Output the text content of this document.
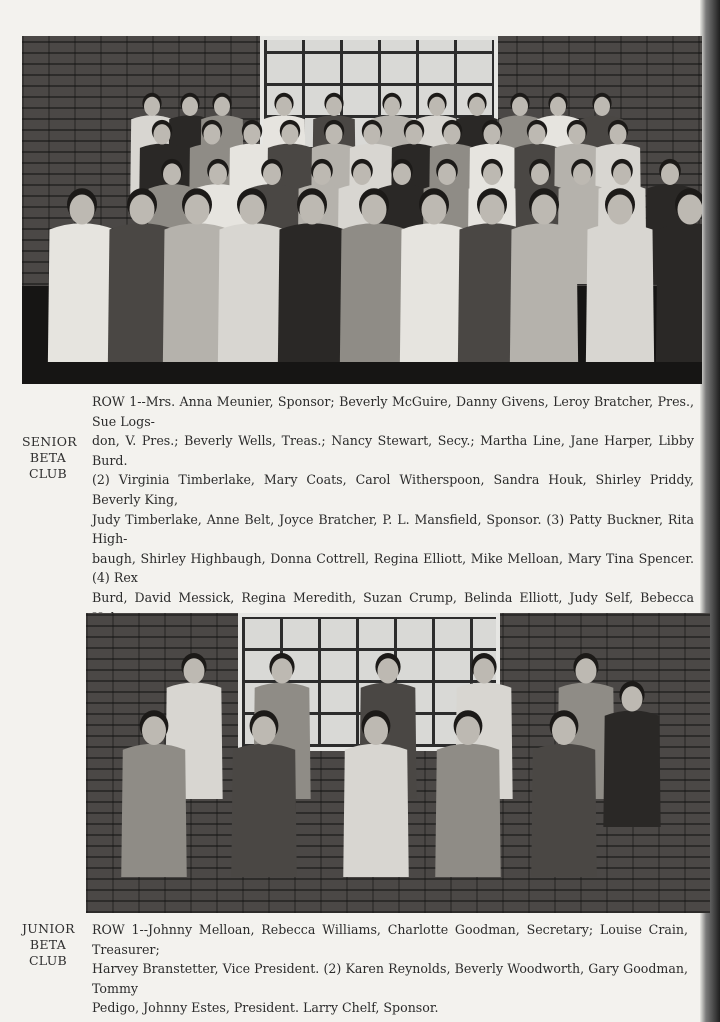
SENIOR
BETA
CLUB
ROW 1--Mrs. Anna Meunier, Sponsor; Beverly McGuire, Danny Givens, Leroy Bratcher, Pres., Sue Logs-
don, V. Pres.; Beverly Wells, Treas.; Nancy Stewart, Secy.; Martha Line, Jane Harper, Libby Burd.
(2) Virginia Timberlake, Mary Coats, Carol Witherspoon, Sandra Houk, Shirley Priddy, Beverly King,
Judy Timberlake, Anne Belt, Joyce Bratcher, P. L. Mansfield, Sponsor. (3) Patty Buckner, Rita High-
baugh, Shirley Highbaugh, Donna Cottrell, Regina Elliott, Mike Melloan, Mary Tina Spencer. (4) Rex
Burd, David Messick, Regina Meredith, Suzan Crump, Belinda Elliott, Judy Self, Bebecca
JUNIOR
BETA
CLUB
ROW 1--Johnny Melloan, Rebecca Williams, Charlotte Goodman, Secretary; Louise Crain, Treasurer;
Harvey Branstetter, Vice President. (2) Karen Reynolds, Beverly Woodworth, Gary Goodman, Tommy
Pedigo, Johnny Estes, President. Larry Chelf, Sponsor.
